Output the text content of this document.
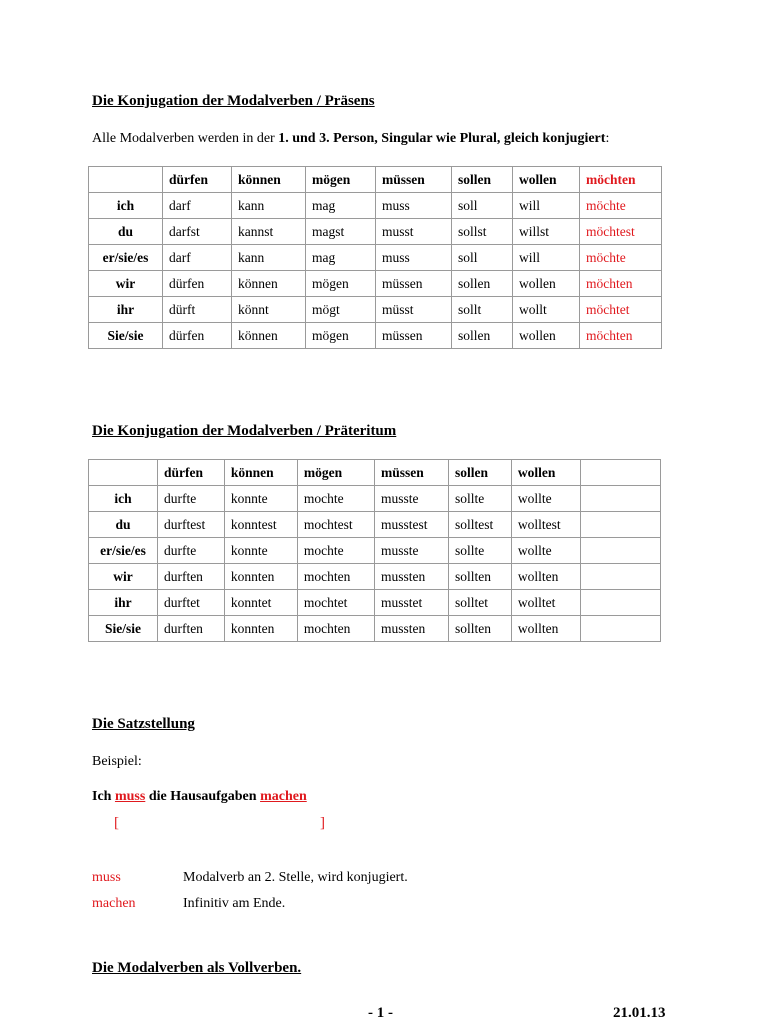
Die Konjugation der Modalverben / Präsens
Alle Modalverben werden in der 1. und 3. Person, Singular wie Plural, gleich konjugiert:
	dürfen	können	mögen	müssen	sollen	wollen	möchten
ich	darf	kann	mag	muss	soll	will	möchte
du	darfst	kannst	magst	musst	sollst	willst	möchtest
er/sie/es	darf	kann	mag	muss	soll	will	möchte
wir	dürfen	können	mögen	müssen	sollen	wollen	möchten
ihr	dürft	könnt	mögt	müsst	sollt	wollt	möchtet
Sie/sie	dürfen	können	mögen	müssen	sollen	wollen	möchten
Die Konjugation der Modalverben / Präteritum
	dürfen	können	mögen	müssen	sollen	wollen	
ich	durfte	konnte	mochte	musste	sollte	wollte	
du	durftest	konntest	mochtest	musstest	solltest	wolltest	
er/sie/es	durfte	konnte	mochte	musste	sollte	wollte	
wir	durften	konnten	mochten	mussten	sollten	wollten	
ihr	durftet	konntet	mochtet	musstet	solltet	wolltet	
Sie/sie	durften	konnten	mochten	mussten	sollten	wollten	
Die Satzstellung
Beispiel:
Ich muss die Hausaufgaben machen
[	]
muss	Modalverb an 2. Stelle, wird konjugiert.
machen	Infinitiv am Ende.
Die Modalverben als Vollverben.
- 1 -	21.01.13
